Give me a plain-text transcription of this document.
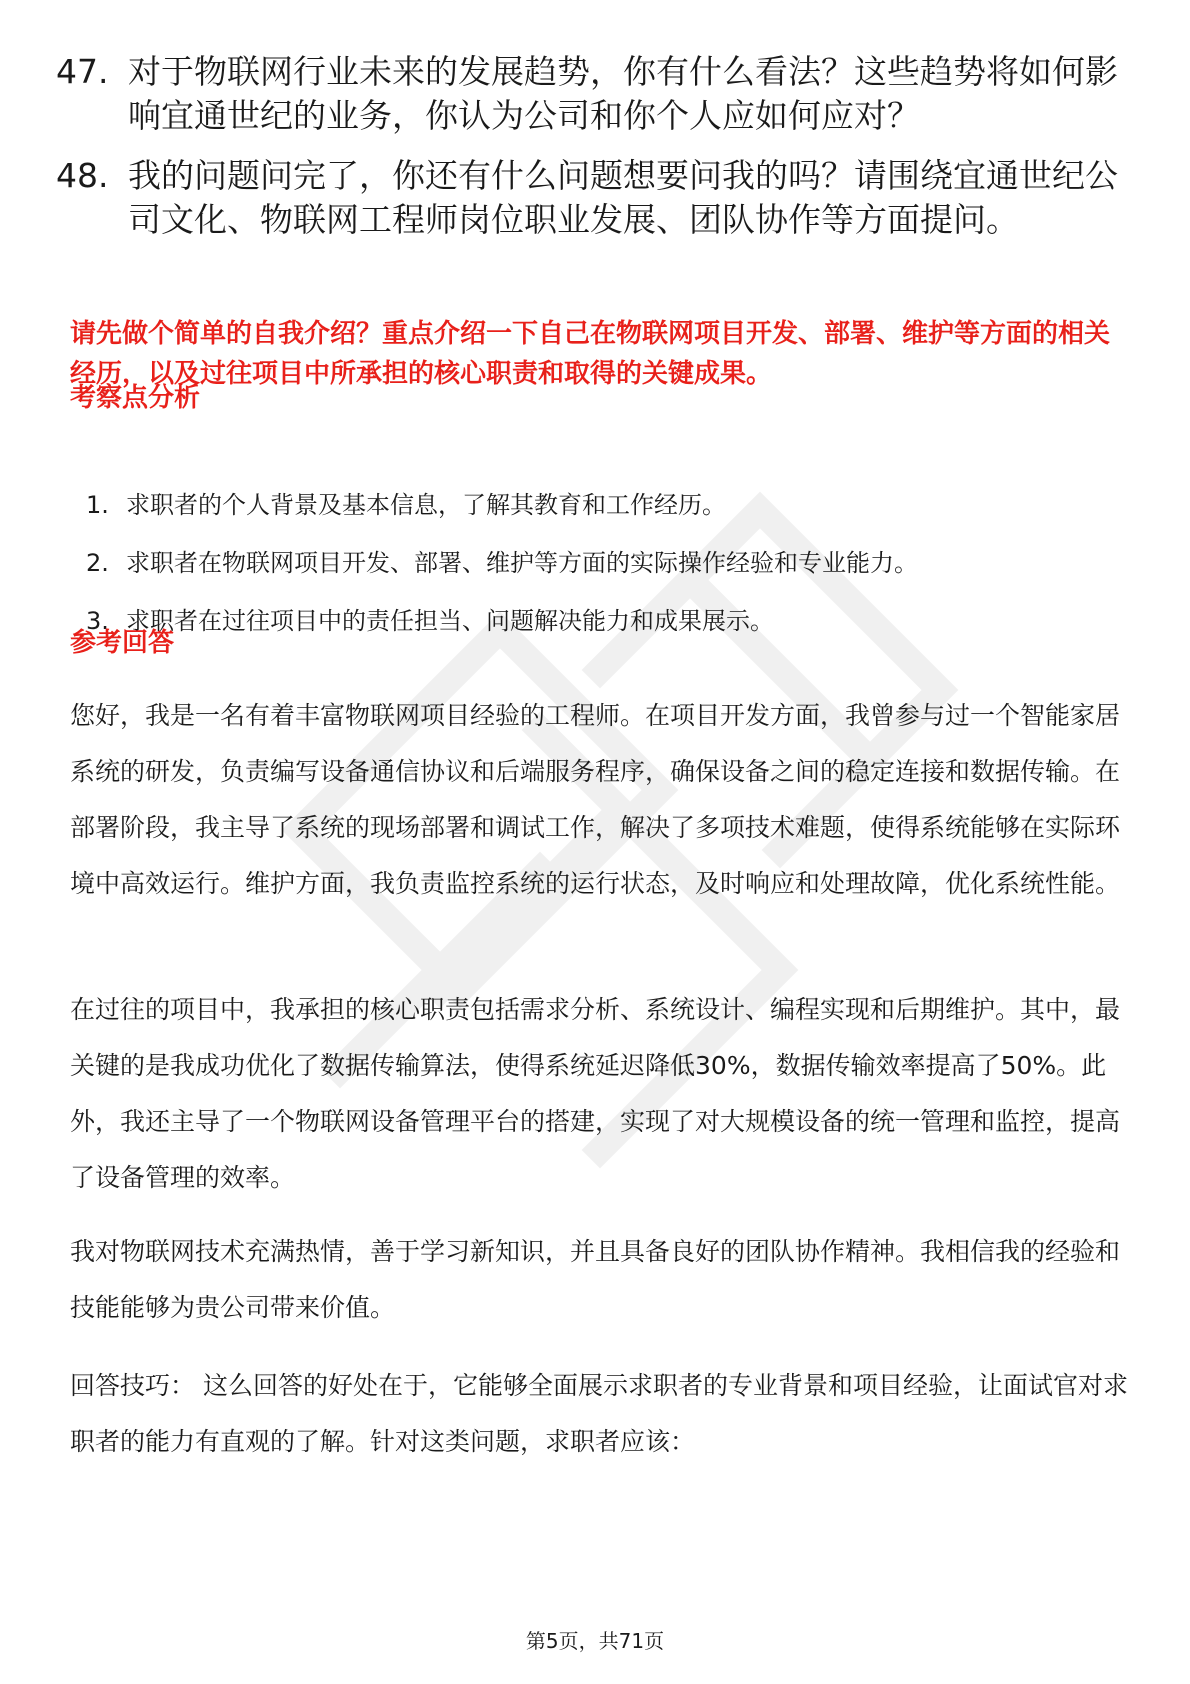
47. 对于物联网行业未来的发展趋势，你有什么看法？这些趋势将如何影响宜通世纪的业务，你认为公司和你个人应如何应对？
48. 我的问题问完了，你还有什么问题想要问我的吗？请围绕宜通世纪公司文化、物联网工程师岗位职业发展、团队协作等方面提问。
请先做个简单的自我介绍？重点介绍一下自己在物联网项目开发、部署、维护等方面的相关经历，以及过往项目中所承担的核心职责和取得的关键成果。
考察点分析
1. 求职者的个人背景及基本信息，了解其教育和工作经历。
2. 求职者在物联网项目开发、部署、维护等方面的实际操作经验和专业能力。
3. 求职者在过往项目中的责任担当、问题解决能力和成果展示。
参考回答

您好，我是一名有着丰富物联网项目经验的工程师。在项目开发方面，我曾参与过一个智能家居系统的研发，负责编写设备通信协议和后端服务程序，确保设备之间的稳定连接和数据传输。在部署阶段，我主导了系统的现场部署和调试工作，解决了多项技术难题，使得系统能够在实际环境中高效运行。维护方面，我负责监控系统的运行状态，及时响应和处理故障，优化系统性能。

在过往的项目中，我承担的核心职责包括需求分析、系统设计、编程实现和后期维护。其中，最关键的是我成功优化了数据传输算法，使得系统延迟降低30%，数据传输效率提高了50%。此外，我还主导了一个物联网设备管理平台的搭建，实现了对大规模设备的统一管理和监控，提高了设备管理的效率。

我对物联网技术充满热情，善于学习新知识，并且具备良好的团队协作精神。我相信我的经验和技能能够为贵公司带来价值。

回答技巧： 这么回答的好处在于，它能够全面展示求职者的专业背景和项目经验，让面试官对求职者的能力有直观的了解。针对这类问题，求职者应该：

第5页，共71页
